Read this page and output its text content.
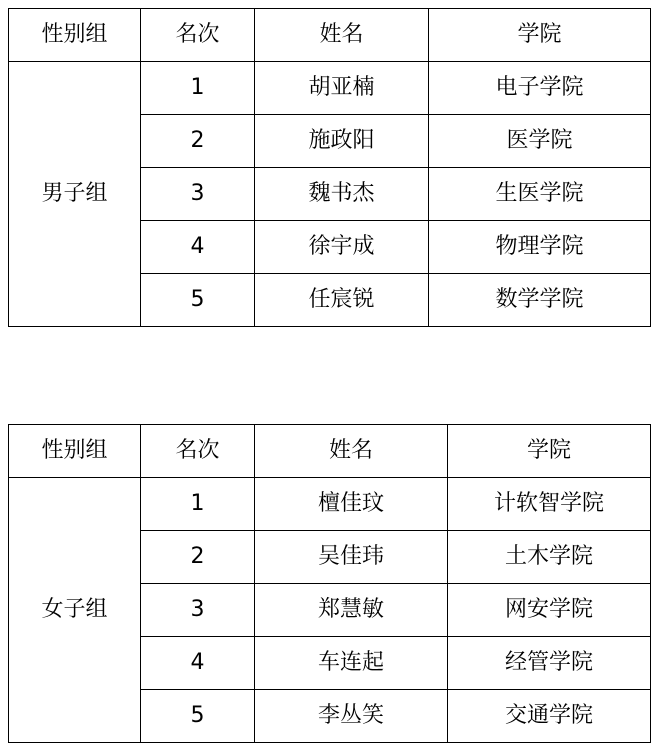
性别组	名次	姓名	学院
男子组	1	胡亚楠	电子学院
	2	施政阳	医学院
	3	魏书杰	生医学院
	4	徐宇成	物理学院
	5	任宸锐	数学学院
性别组	名次	姓名	学院
女子组	1	檀佳玟	计软智学院
	2	吴佳玮	土木学院
	3	郑慧敏	网安学院
	4	车连起	经管学院
	5	李丛笑	交通学院
